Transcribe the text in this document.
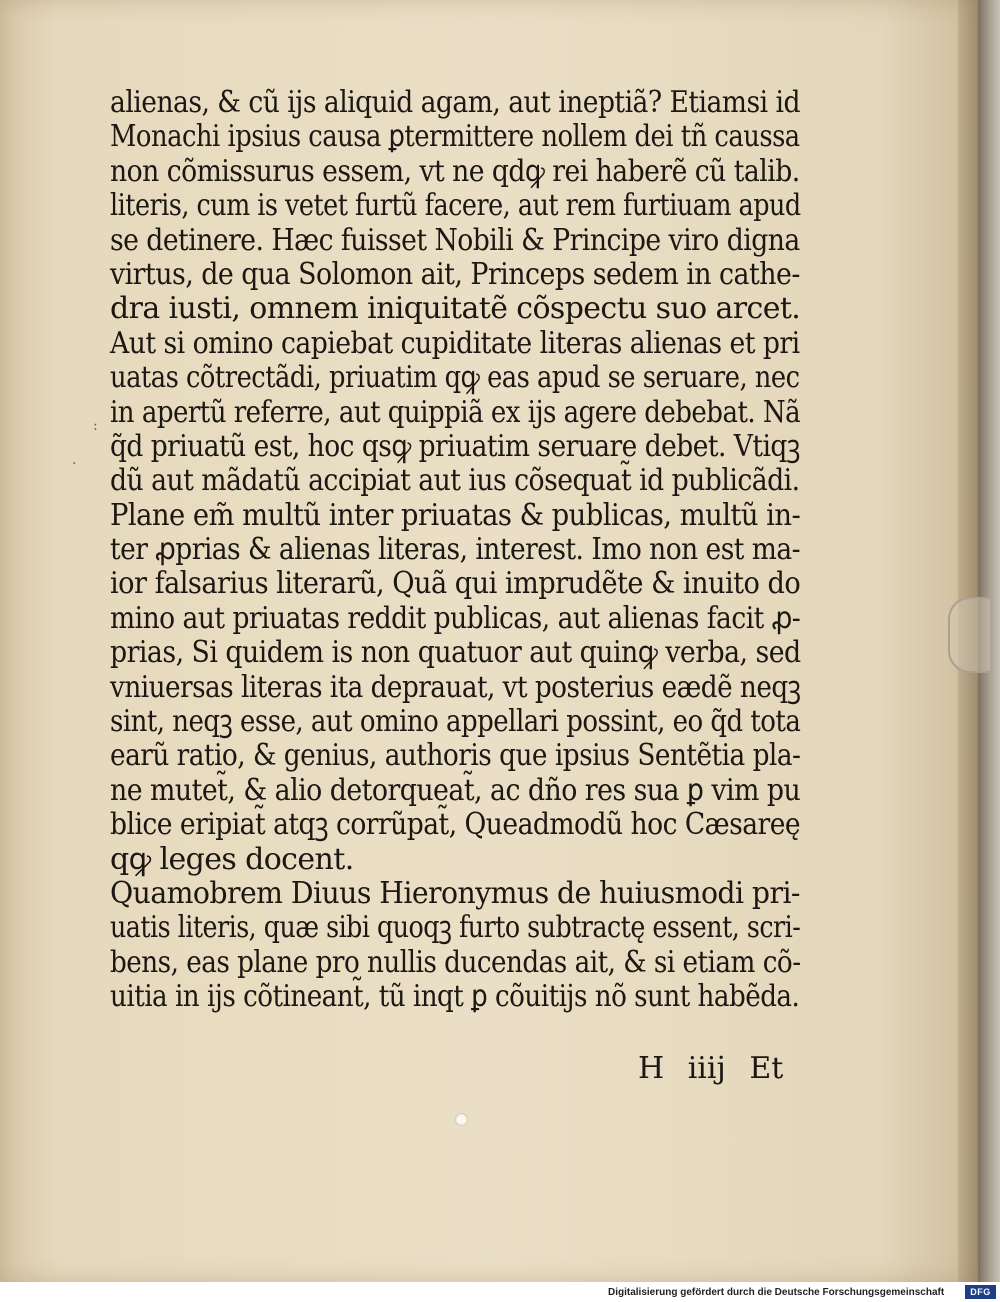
:
.
alienas, & cũ ijs aliquid agam, aut ineptiã? Etiamsi id
Monachi ipsius causa ꝑtermittere nollem dei tñ caussa
non cõmissurus essem, vt ne qdꝙ rei haberẽ cũ talib.
literis, cum is vetet furtũ facere, aut rem furtiuam apud
se detinere. Hæc fuisset Nobili & Principe viro digna
virtus, de qua Solomon ait, Princeps sedem in cathe-
dra iusti, omnem iniquitatẽ cõspectu suo arcet.
Aut si omino capiebat cupiditate literas alienas et pri
uatas cõtrectãdi, priuatim qꝙ eas apud se seruare, nec
in apertũ referre, aut quippiã ex ijs agere debebat. Nã
q̃d priuatũ est, hoc qsꝙ priuatim seruare debet. Vtiqꝫ
dũ aut mãdatũ accipiat aut ius cõsequat̃ id publicãdi.
Plane em̃ multũ inter priuatas & publicas, multũ in-
ter ꝓprias & alienas literas, interest. Imo non est ma-
ior falsarius literarũ, Quã qui imprudẽte & inuito do
mino aut priuatas reddit publicas, aut alienas facit ꝓ-
prias, Si quidem is non quatuor aut quinꝙ verba, sed
vniuersas literas ita deprauat, vt posterius eædẽ neqꝫ
sint, neqꝫ esse, aut omino appellari possint, eo q̃d tota
earũ ratio, & genius, authoris que ipsius Sentẽtia pla-
ne mutet̃, & alio detorqueat̃, ac dño res sua ꝑ vim pu
blice eripiat̃ atqꝫ corrũpat̃, Queadmodũ hoc Cæsareę
qꝙ leges docent.
Quamobrem Diuus Hieronymus de huiusmodi pri-
uatis literis, quæ sibi quoqꝫ furto subtractę essent, scri-
bens, eas plane pro nullis ducendas ait, & si etiam cõ-
uitia in ijs cõtineant̃, tũ inqt ꝑ cõuitijs nõ sunt habẽda.
H iiij Et
Digitalisierung gefördert durch die Deutsche Forschungsgemeinschaft	DFG
